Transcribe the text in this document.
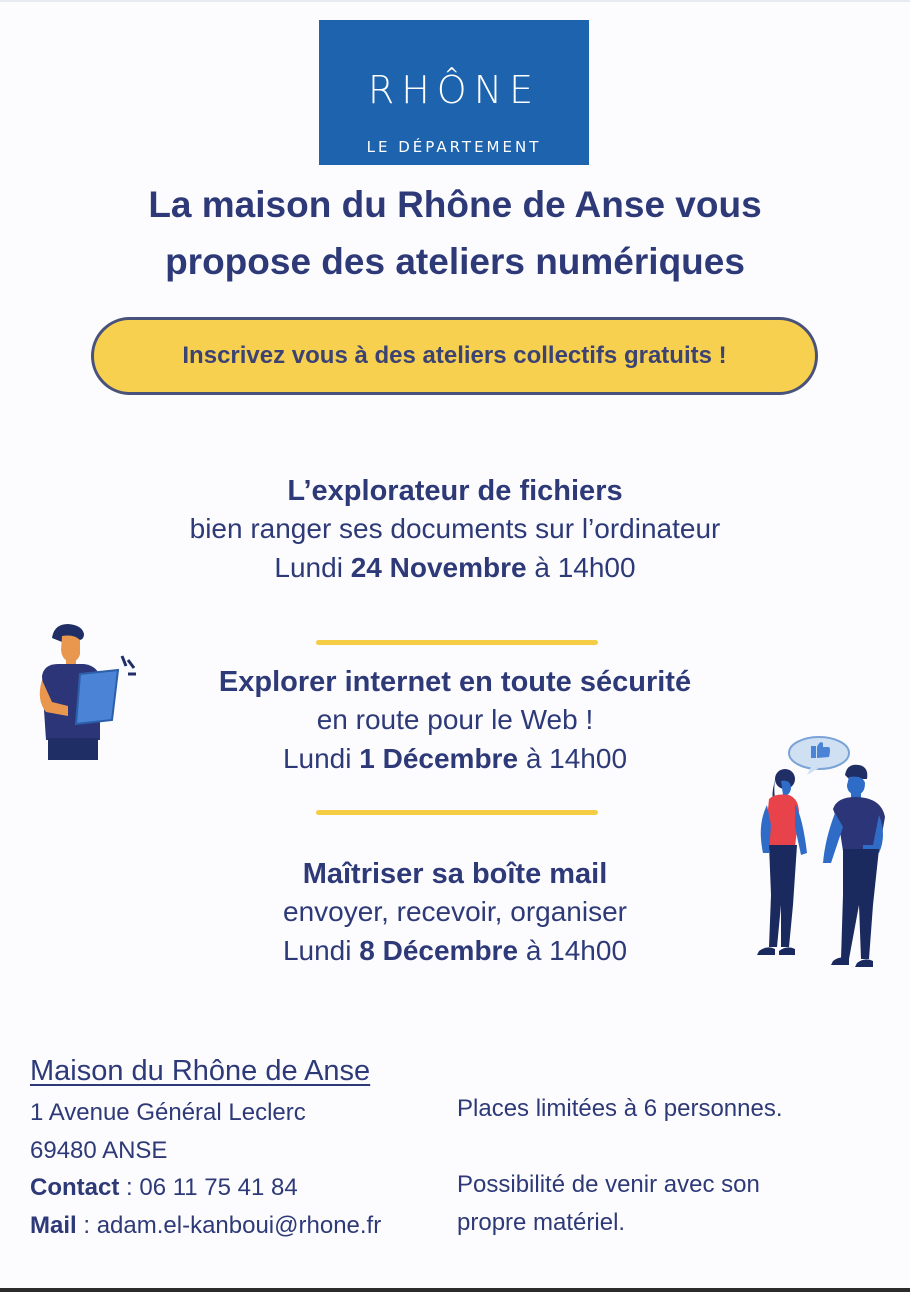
RHÔNE
LE DÉPARTEMENT
La maison du Rhône de Anse vous
propose des ateliers numériques
Inscrivez vous à des ateliers collectifs gratuits !
L’explorateur de fichiers
bien ranger ses documents sur l’ordinateur
Lundi 24 Novembre à 14h00
Explorer internet en toute sécurité
en route pour le Web !
Lundi 1 Décembre à 14h00
Maîtriser sa boîte mail
envoyer, recevoir, organiser
Lundi 8 Décembre à 14h00
Maison du Rhône de Anse
1 Avenue Général Leclerc
69480 ANSE
Contact : 06 11 75 41 84
Mail : adam.el-kanboui@rhone.fr
Places limitées à 6 personnes.
Possibilité de venir avec son
propre matériel.
